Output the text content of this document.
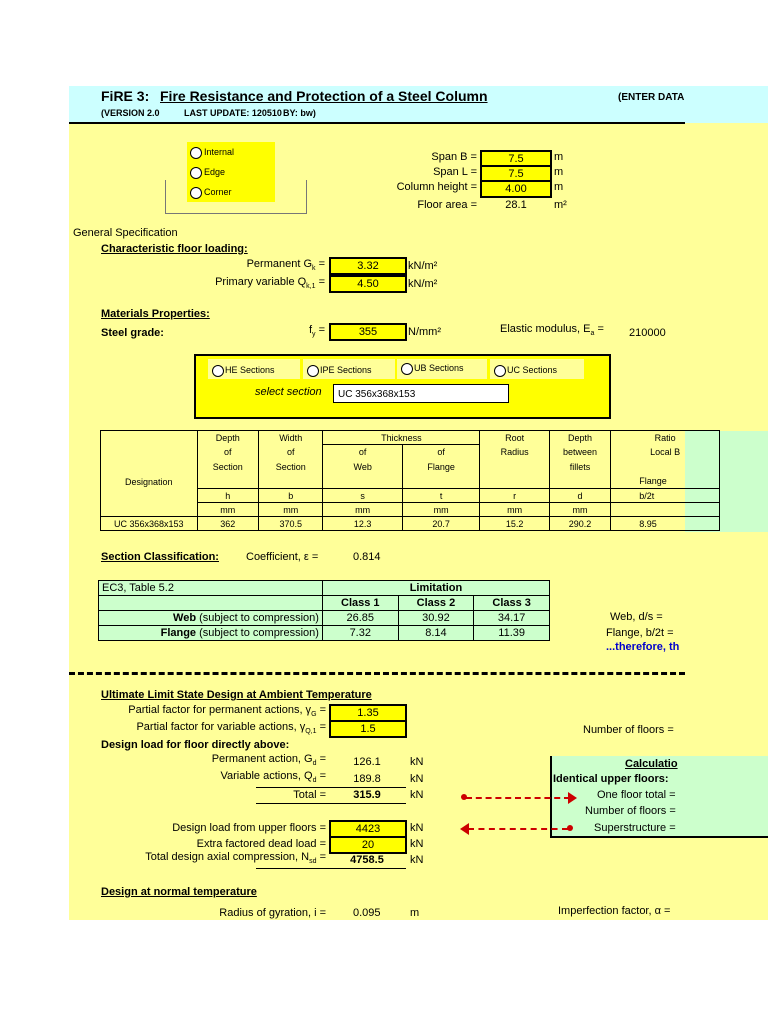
FiRE 3: Fire Resistance and Protection of a Steel Column	(ENTER DATA
(VERSION 2.0	LAST UPDATE: 120510 BY: bw)
Internal
Edge
Corner
Span B =	7.5	m
Span L =	7.5	m
Column height =	4.00	m
Floor area =	28.1	m²
General Specification
Characteristic floor loading:
Permanent $G_k$ =	3.32	kN/m²
Primary variable $Q_{k,1}$ =	4.50	kN/m²
Materials Properties:
Steel grade:	$f_y$ =	355	N/mm²	Elastic modulus, $E_a = 210000$
HE Sections	IPE Sections	UB Sections	UC Sections
select section	UC 356x368x153
	Depth	Width	Thickness		Root	Depth	Ratio
	of	of	of	of	Radius	between	Local B
	Section	Section	Web	Flange		fillets	
Designation							Flange
	h	b	s	t	r	d	b/2t
	mm	mm	mm	mm	mm	mm	
UC 356x368x153	362	370.5	12.3	20.7	15.2	290.2	8.95
Section Classification: Coefficient, ε =	0.814
EC3, Table 5.2	Limitation		
	Class 1	Class 2	Class 3
Web (subject to compression)	26.85	30.92	34.17
Flange (subject to compression)	7.32	8.14	11.39
Web, d/s =
Flange, b/2t =
...therefore, th
Ultimate Limit State Design at Ambient Temperature
Partial factor for permanent actions, $\gamma_G$ =	1.35
Partial factor for variable actions, $\gamma_{Q,1}$ =	1.5	Number of floors =
Design load for floor directly above:
Permanent action, $G_d$ =	126.1	kN
Variable actions, $Q_d$ =	189.8	kN
Total =	315.9	kN
Design load from upper floors =	4423	kN
Extra factored dead load =	20	kN
Total design axial compression, $N_{sd}$ =	4758.5	kN
Calculatio
Identical upper floors:
One floor total =
Number of floors =
Superstructure =
Design at normal temperature
Radius of gyration, i = 0.095	m	Imperfection factor, α =
